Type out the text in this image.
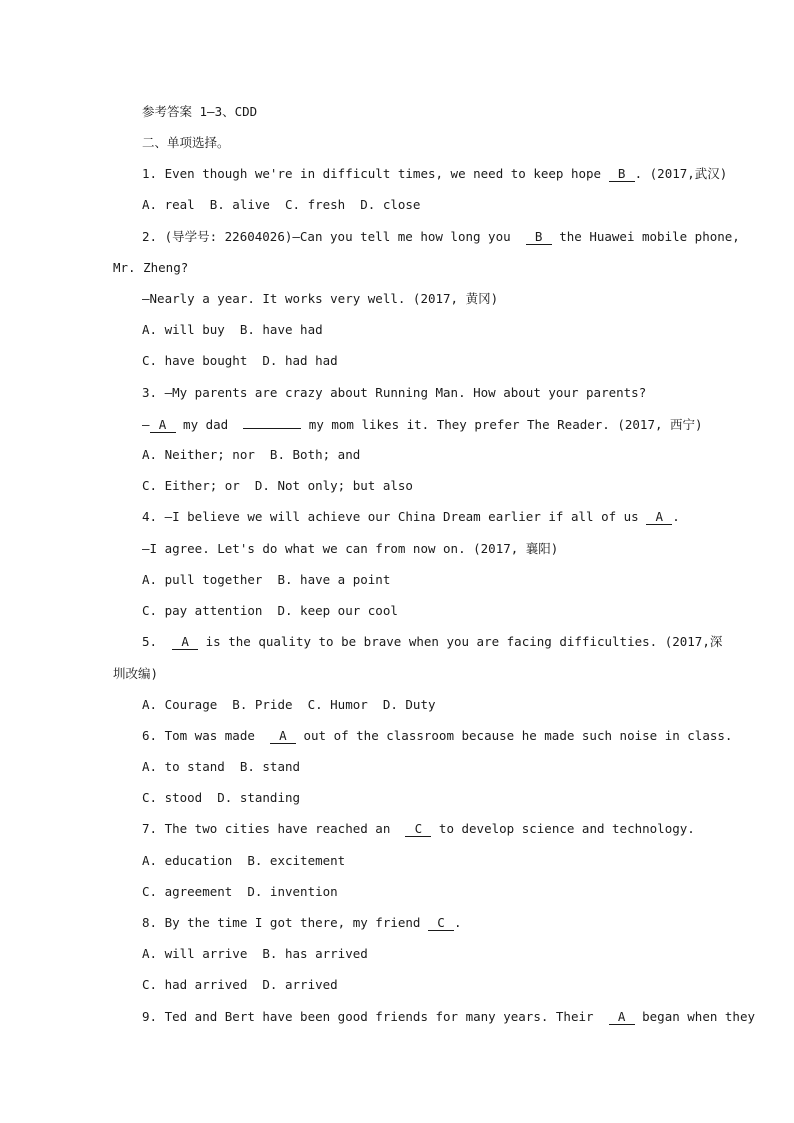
参考答案 1—3、CDD
二、单项选择。
1. Even though we're in difficult times, we need to keep hope B . (2017,武汉)
A. real  B. alive  C. fresh  D. close
2. (导学号: 22604026)—Can you tell me how long you  B the Huawei mobile phone,
Mr. Zheng?
—Nearly a year. It works very well. (2017, 黄冈)
A. will buy  B. have had
C. have bought  D. had had
3. —My parents are crazy about Running Man. How about your parents?
— A my dad	my mom likes it. They prefer The Reader. (2017, 西宁)
A. Neither; nor  B. Both; and
C. Either; or  D. Not only; but also
4. —I believe we will achieve our China Dream earlier if all of us A .
—I agree. Let's do what we can from now on. (2017, 襄阳)
A. pull together  B. have a point
C. pay attention  D. keep our cool
5.  A is the quality to be brave when you are facing difficulties. (2017,深
圳改编)
A. Courage  B. Pride  C. Humor  D. Duty
6. Tom was made  A out of the classroom because he made such noise in class.
A. to stand  B. stand
C. stood  D. standing
7. The two cities have reached an  C to develop science and technology.
A. education  B. excitement
C. agreement  D. invention
8. By the time I got there, my friend C .
A. will arrive  B. has arrived
C. had arrived  D. arrived
9. Ted and Bert have been good friends for many years. Their  A began when they
